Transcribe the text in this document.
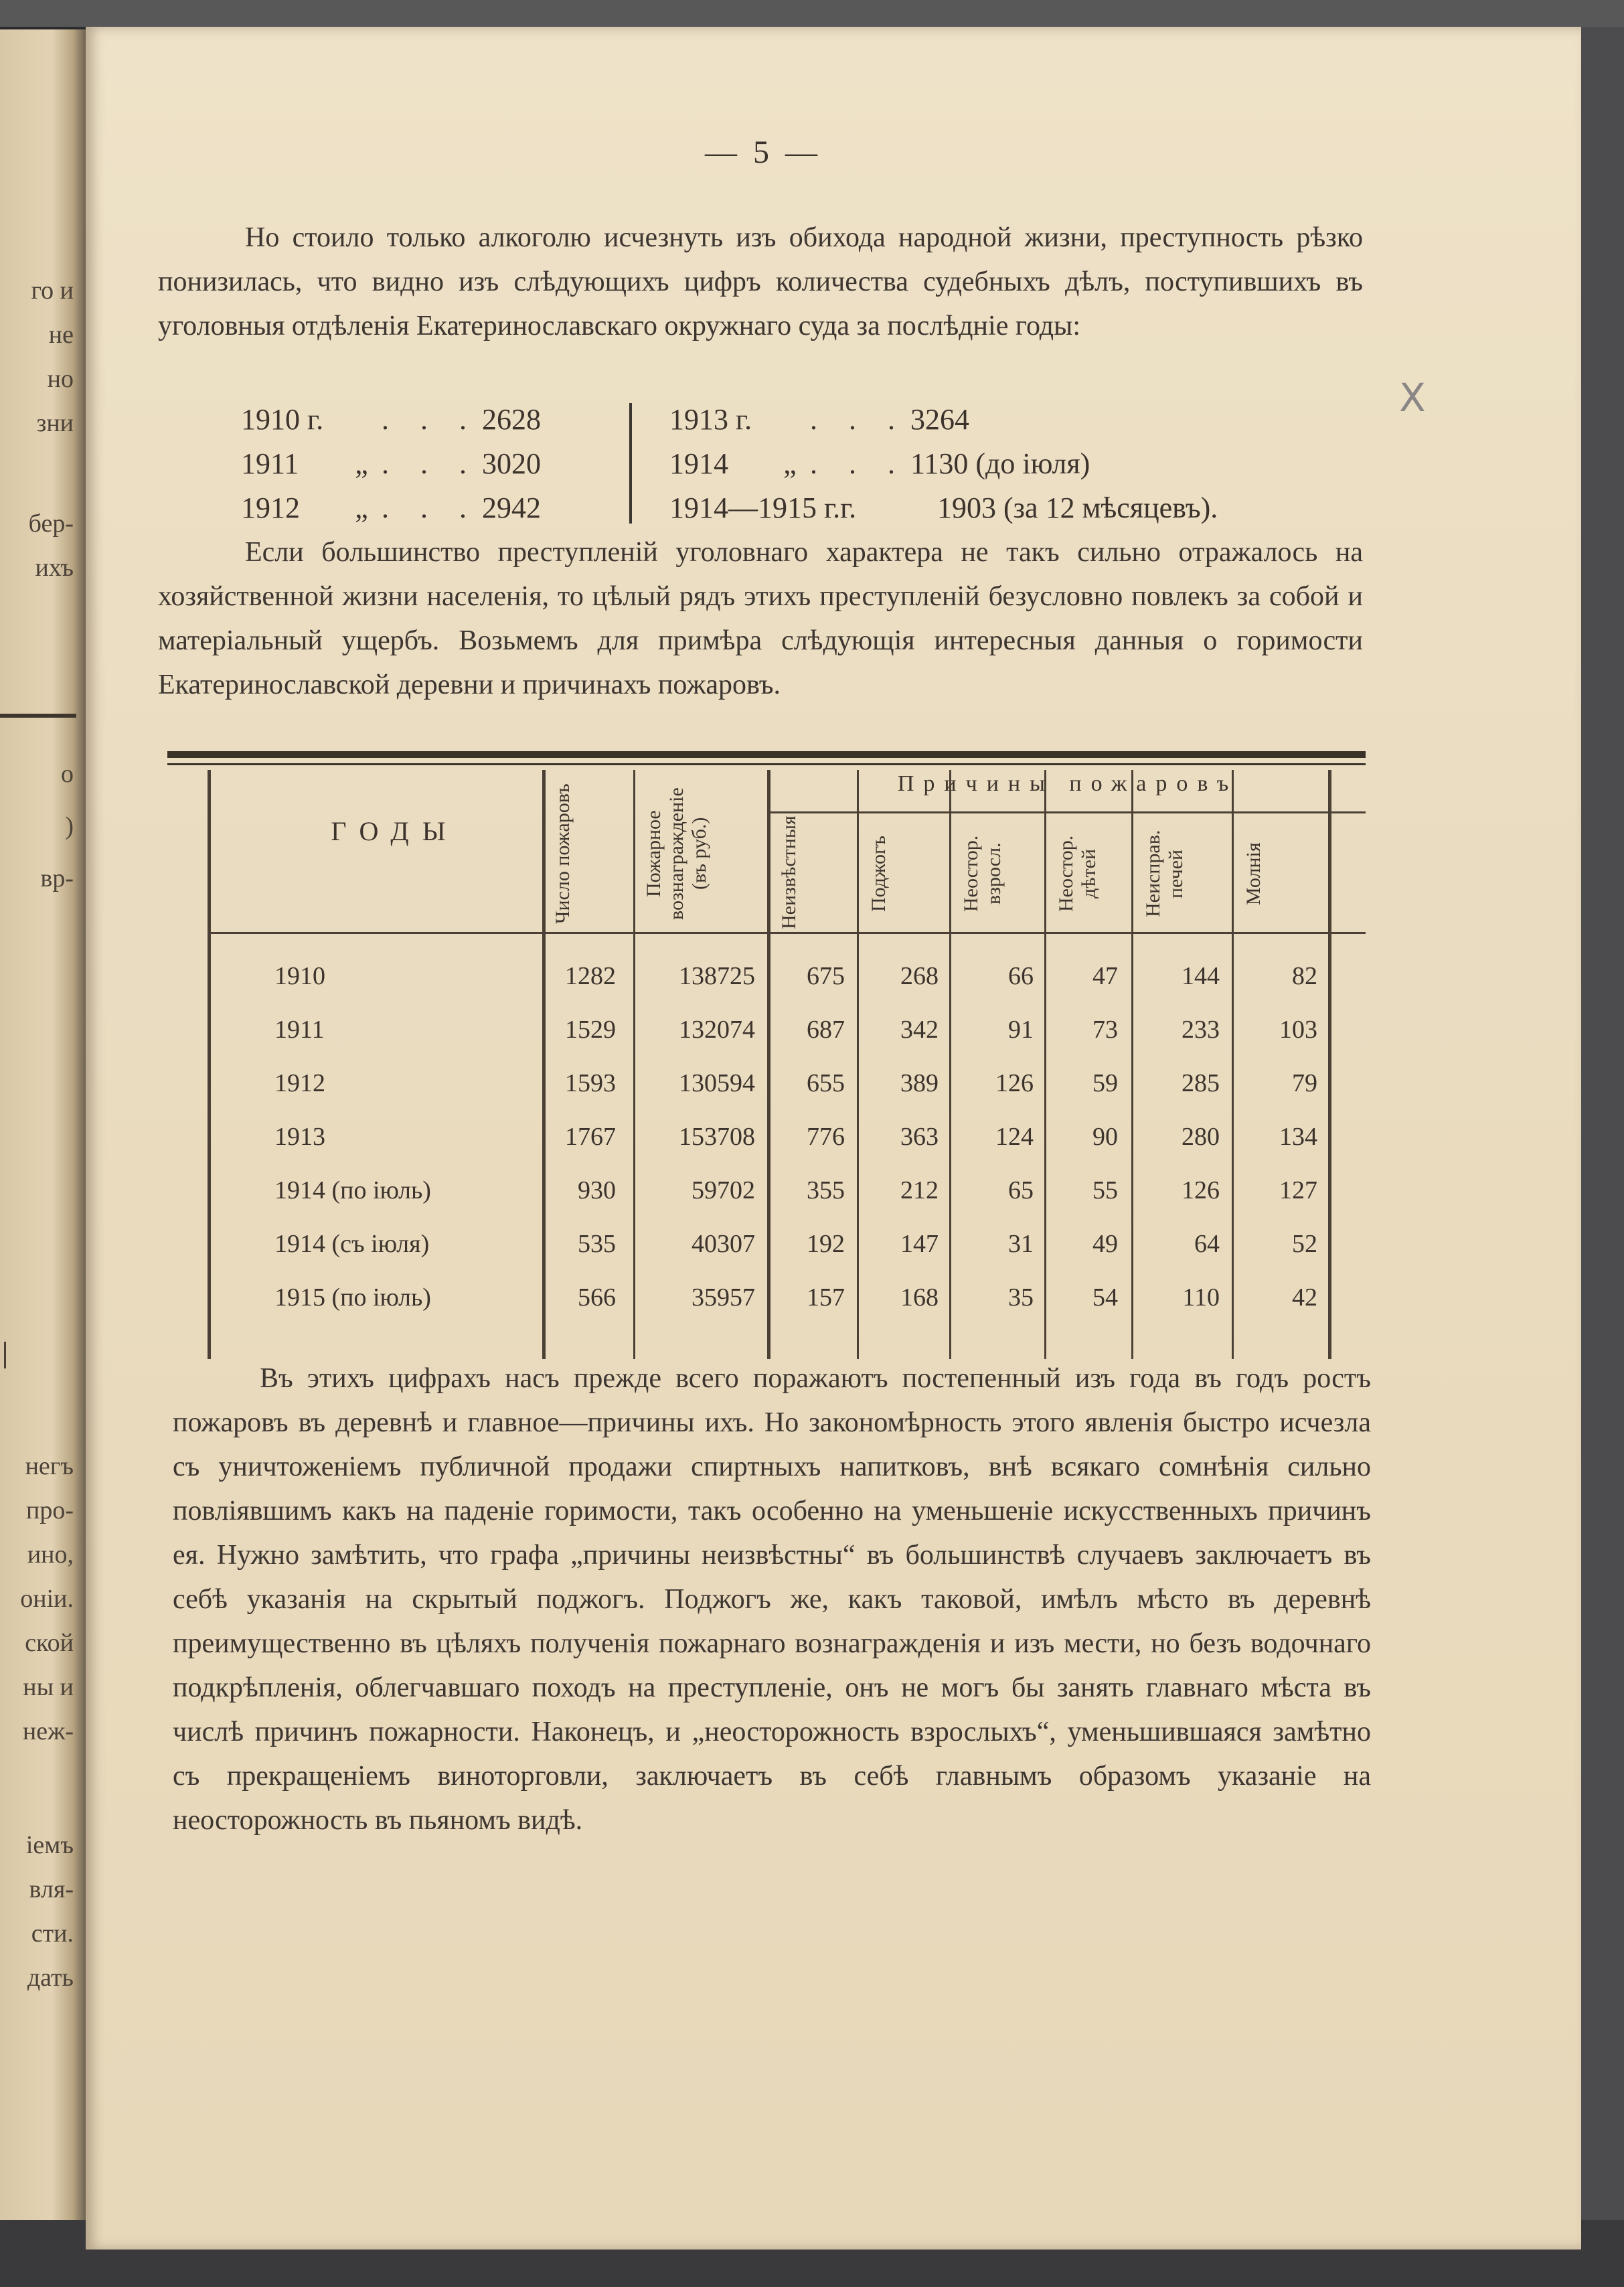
го и
не
но
зни
бер-
ихъ
о
)
вр-
негъ
про-
ино,
оніи.
ской
ны и
неж-
іемъ
вля-
сти.
дать
— 5 —
Но стоило только алкоголю исчезнуть изъ обихода народной жизни, преступность рѣзко понизилась, что видно изъ слѣдующихъ цифръ количества судебныхъ дѣлъ, поступившихъ въ уголовныя отдѣленія Екатеринославскаго окружнаго суда за послѣдніе годы:
1910 г. . . . 2628
1911 „ . . . 3020
1912 „ . . . 2942
1913 г. . . . 3264
1914 „ . . . 1130 (до іюля)
1914—1915 г.г.	1903 (за 12 мѣсяцевъ).
Если большинство преступленій уголовнаго характера не такъ сильно отражалось на хозяйственной жизни населенія, то цѣлый рядъ этихъ преступленій безусловно повлекъ за собой и матеріальный ущербъ. Возьмемъ для примѣра слѣдующія интересныя данныя о горимости Екатеринославской деревни и причинахъ пожаровъ.
X
Причины пожаровъ
ГОДЫ	Число пожаровъ	Пожарное вознагражденіе (въ руб.)	Неизвѣстныя	Поджогъ	Неостор. взросл.	Неостор. дѣтей	Неисправ. печей	Молнія
1910	1282	138725	675	268	66	47	144	82
1911	1529	132074	687	342	91	73	233	103
1912	1593	130594	655	389	126	59	285	79
1913	1767	153708	776	363	124	90	280	134
1914 (по іюль)	930	59702	355	212	65	55	126	127
1914 (съ іюля)	535	40307	192	147	31	49	64	52
1915 (по іюль)	566	35957	157	168	35	54	110	42
Въ этихъ цифрахъ насъ прежде всего поражаютъ постепенный изъ года въ годъ ростъ пожаровъ въ деревнѣ и главное—причины ихъ. Но закономѣрность этого явленія быстро исчезла съ уничтоженіемъ публичной продажи спиртныхъ напитковъ, внѣ всякаго сомнѣнія сильно повліявшимъ какъ на паденіе горимости, такъ особенно на уменьшеніе искусственныхъ причинъ ея. Нужно замѣтить, что графа „причины неизвѣстны“ въ большинствѣ случаевъ заключаетъ въ себѣ указанія на скрытый поджогъ. Поджогъ же, какъ таковой, имѣлъ мѣсто въ деревнѣ преимущественно въ цѣляхъ полученія пожарнаго вознагражденія и изъ мести, но безъ водочнаго подкрѣпленія, облегчавшаго походъ на преступленіе, онъ не могъ бы занять главнаго мѣста въ числѣ причинъ пожарности. Наконецъ, и „неосторожность взрослыхъ“, уменьшившаяся замѣтно съ прекращеніемъ виноторговли, заключаетъ въ себѣ главнымъ образомъ указаніе на неосторожность въ пьяномъ видѣ.
